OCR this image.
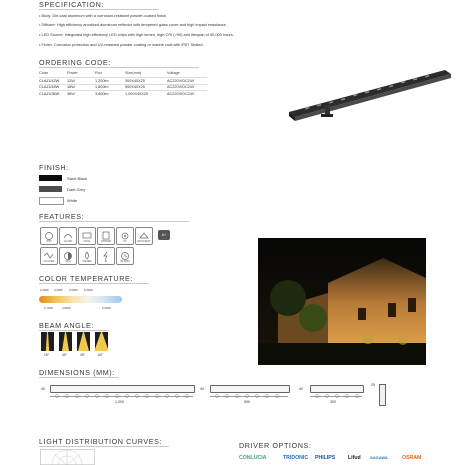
SPECIFICATION:
• Body: Die-cast aluminum with a corrosion-resistant powder-coated finish.
• Diffuser: High efficiency anodized aluminum reflector with tempered glass cover and high impact resistance.
• LED Source: Integrated high-efficiency LED chips with high lumen, high CRI (>90) and lifespan of 50,000 hours.
• Finish: Corrosion protection and UV-resistant powder coating or marine coat with IP67 Sealed.
ORDERING CODE:
Code	Power	Flux	Size(mm)	Voltage
CLAZU12W	12W	1,200lm	300X40X25	AC220V/DC24V
CLAZU18W	18W	1,800lm	500X40X25	AC220V/DC24V
CLAZU36W	36W	3,600lm	1,000X40X25	AC220V/DC24V
FINISH:
Sand Black
Dark Grey
White
FEATURES:
IP67	HI-CRI	COOL	DRIVER	UV	EFFICIENT
A+
FLICKER	DIM	WATER	IK	50,000h
COLOR TEMPERATURE:
2,200K 3,000K 3,500K 5,000K
2,700K	2,800K	6,000K
BEAM ANGLE:
15°	30°	45°	60°
DIMENSIONS (MM):
40
1,000
40
500
40
300
25
LIGHT DISTRIBUTION CURVES:	DRIVER OPTIONS:
CONLUCIA	TRIDONIC PHILIPS Lifud SAGAWA	OSRAM
